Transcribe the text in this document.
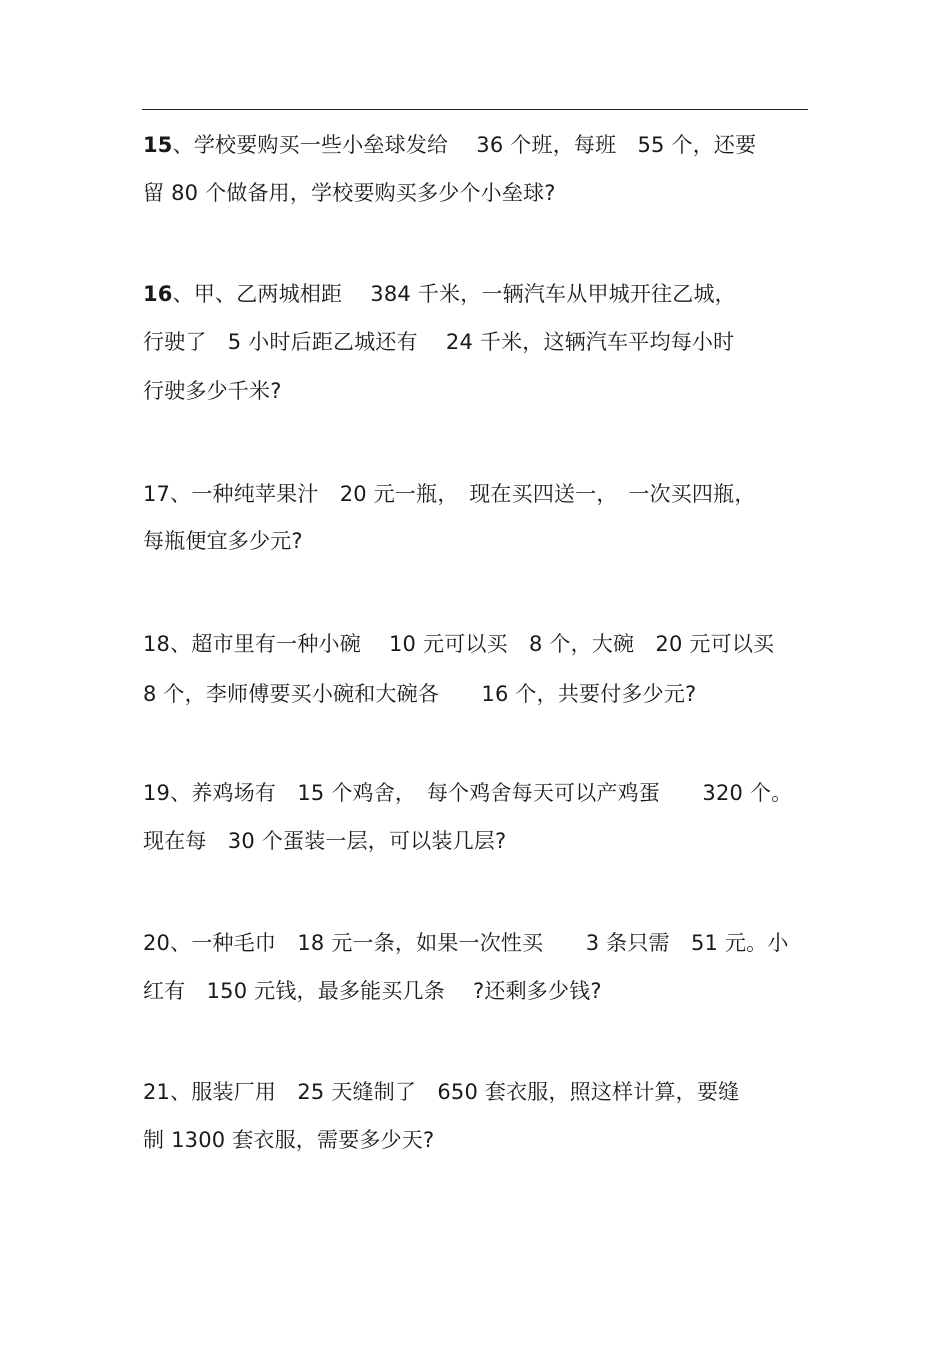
15、学校要购买一些小垒球发给　 36 个班，每班　55 个，还要
留 80 个做备用，学校要购买多少个小垒球?
16、甲、乙两城相距　 384 千米，一辆汽车从甲城开往乙城，
行驶了　5 小时后距乙城还有　 24 千米，这辆汽车平均每小时
行驶多少千米?
17、一种纯苹果汁　20 元一瓶，　现在买四送一，　一次买四瓶，
每瓶便宜多少元?
18、超市里有一种小碗　 10 元可以买　8 个，大碗　20 元可以买
8 个，李师傅要买小碗和大碗各　　16 个，共要付多少元?
19、养鸡场有　15 个鸡舍，　每个鸡舍每天可以产鸡蛋　　320 个。
现在每　30 个蛋装一层，可以装几层?
20、一种毛巾　18 元一条，如果一次性买　　3 条只需　51 元。小
红有　150 元钱，最多能买几条　 ?还剩多少钱?
21、服装厂用　25 天缝制了　650 套衣服，照这样计算，要缝
制 1300 套衣服，需要多少天?
